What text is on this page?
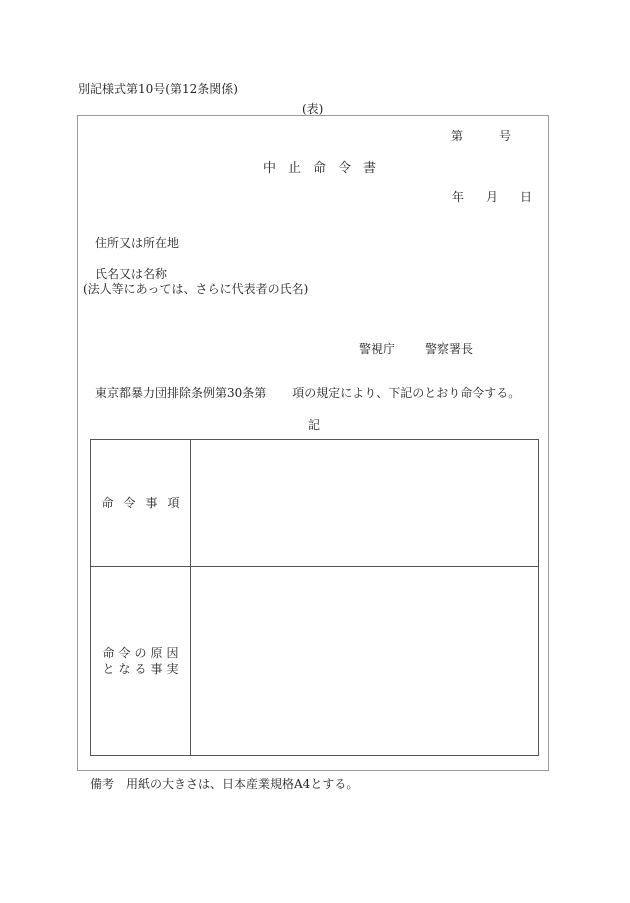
別記様式第10号(第12条関係)
(表)
第	号
中止命令書
年 月 日
住所又は所在地
氏名又は名称
(法人等にあっては、さらに代表者の氏名)
警視庁	警察署長
東京都暴力団排除条例第30条第 項の規定により、下記のとおり命令する。
記
命令事項	

命令の原因
となる事実	

備考 用紙の大きさは、日本産業規格A4とする。
